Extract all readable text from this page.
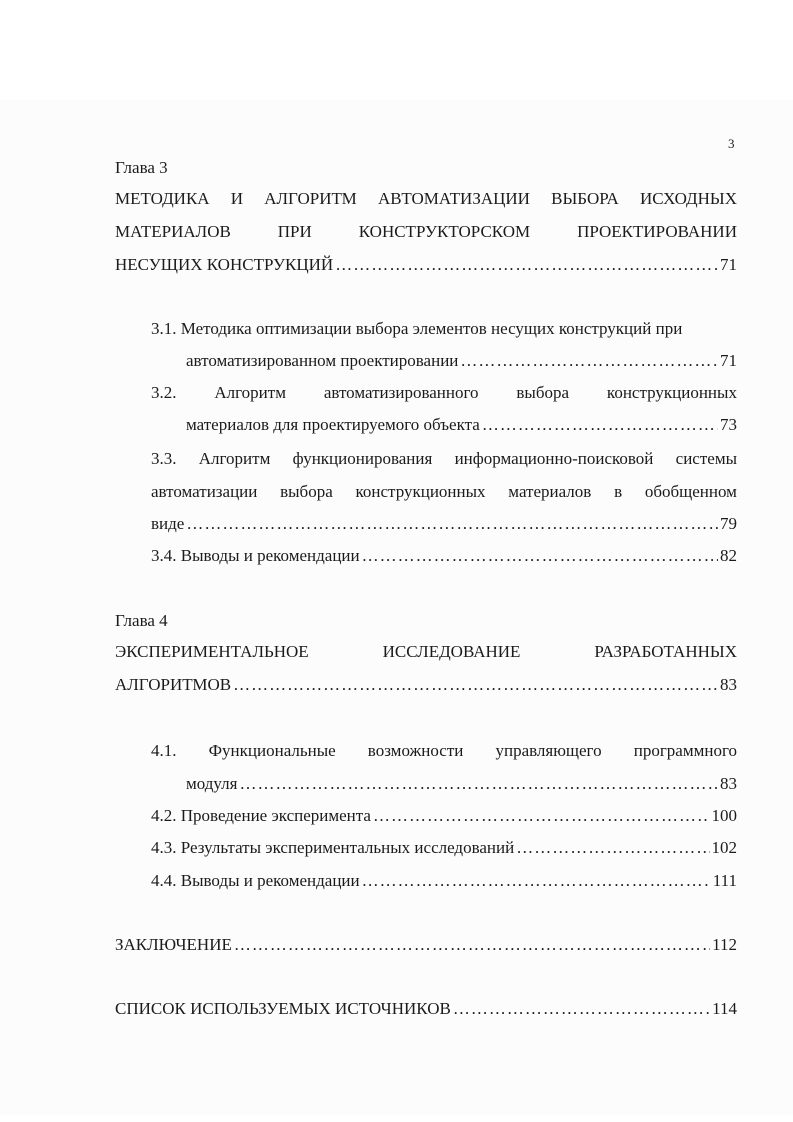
3
Глава 3
МЕТОДИКА И АЛГОРИТМ АВТОМАТИЗАЦИИ ВЫБОРА ИСХОДНЫХ
МАТЕРИАЛОВ	ПРИ	КОНСТРУКТОРСКОМ	ПРОЕКТИРОВАНИИ
НЕСУЩИХ КОНСТРУКЦИЙ ………………………………………………………………………………………………………………………………………………………………	71
3.1. Методика оптимизации выбора элементов несущих конструкций при
автоматизированном проектировании ………………………………………………………………………………………………………………………………………………………………	71
3.2. Алгоритм автоматизированного выбора конструкционных
материалов для проектируемого объекта ………………………………………………………………………………………………………………………………………………………………	73
3.3. Алгоритм функционирования информационно-поисковой системы
автоматизации выбора конструкционных материалов в обобщенном
виде ………………………………………………………………………………………………………………………………………………………………	79
3.4. Выводы и рекомендации ………………………………………………………………………………………………………………………………………………………………	82
Глава 4
ЭКСПЕРИМЕНТАЛЬНОЕ	ИССЛЕДОВАНИЕ	РАЗРАБОТАННЫХ
АЛГОРИТМОВ ………………………………………………………………………………………………………………………………………………………………	83
4.1. Функциональные возможности управляющего программного
модуля ………………………………………………………………………………………………………………………………………………………………	83
4.2. Проведение эксперимента ………………………………………………………………………………………………………………………………………………………………	100
4.3. Результаты экспериментальных исследований ………………………………………………………………………………………………………………………………………………………………	102
4.4. Выводы и рекомендации ………………………………………………………………………………………………………………………………………………………………	111
ЗАКЛЮЧЕНИЕ ………………………………………………………………………………………………………………………………………………………………	112
СПИСОК ИСПОЛЬЗУЕМЫХ ИСТОЧНИКОВ ………………………………………………………………………………………………………………………………………………………………	114
